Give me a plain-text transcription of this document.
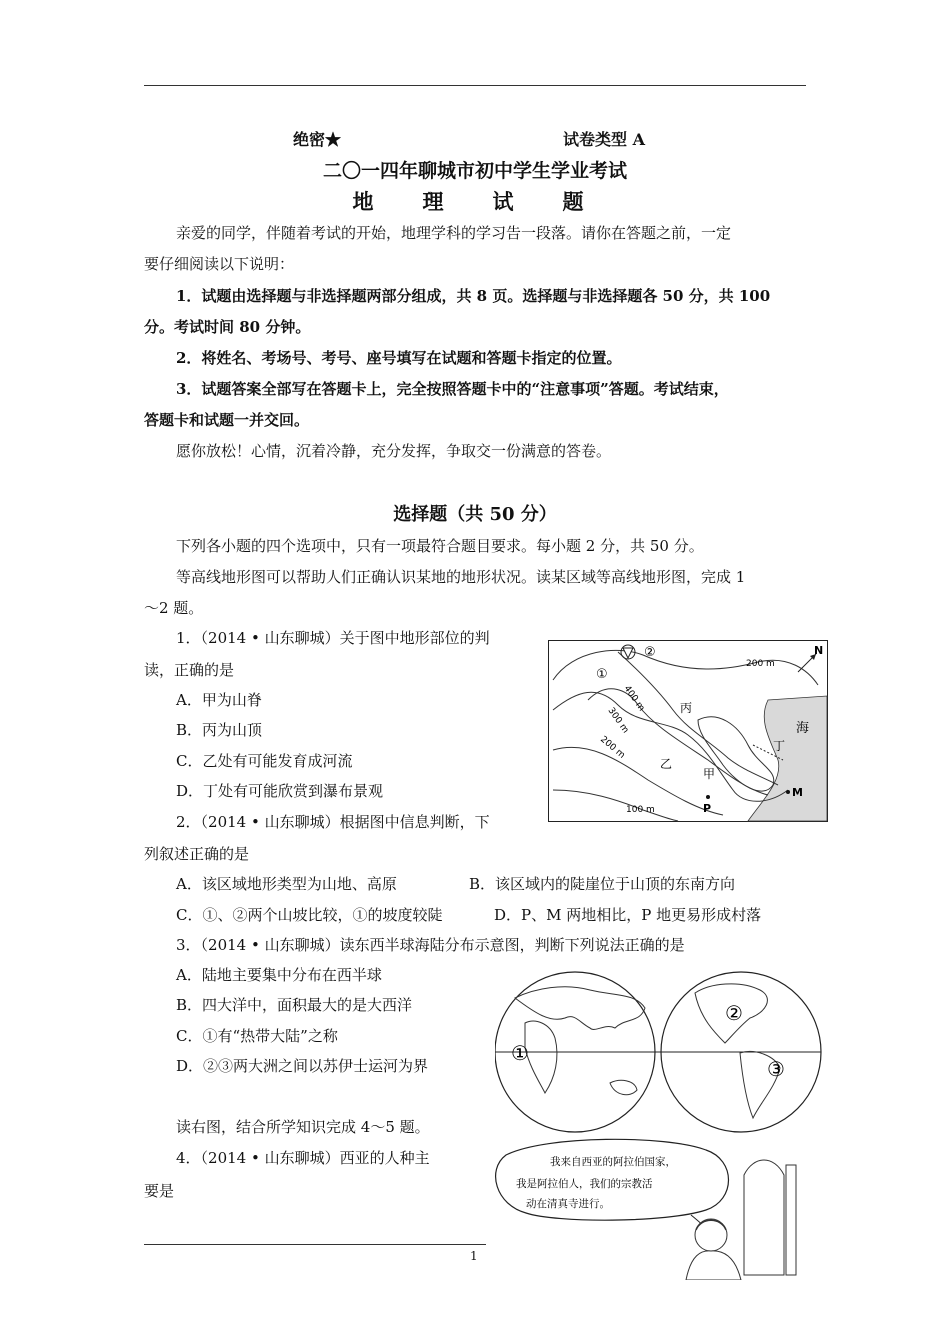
绝密★	试卷类型 A
二〇一四年聊城市初中学生学业考试
地　理　试　题
亲爱的同学，伴随着考试的开始，地理学科的学习告一段落。请你在答题之前，一定
要仔细阅读以下说明：
1．试题由选择题与非选择题两部分组成，共 8 页。选择题与非选择题各 50 分，共 100
分。考试时间 80 分钟。
2．将姓名、考场号、考号、座号填写在试题和答题卡指定的位置。
3．试题答案全部写在答题卡上，完全按照答题卡中的“注意事项”答题。考试结束，
答题卡和试题一并交回。
愿你放松！心情，沉着冷静，充分发挥，争取交一份满意的答卷。
选择题（共 50 分）
下列各小题的四个选项中，只有一项最符合题目要求。每小题 2 分，共 50 分。
等高线地形图可以帮助人们正确认识某地的地形状况。读某区域等高线地形图，完成 1
～2 题。
1．（2014 • 山东聊城）关于图中地形部位的判
读，正确的是
A．甲为山脊
B．丙为山顶
C．乙处有可能发育成河流
D．丁处有可能欣赏到瀑布景观
2．（2014 • 山东聊城）根据图中信息判断，下
列叙述正确的是
A．该区域地形类型为山地、高原	B．该区域内的陡崖位于山顶的东南方向
C．①、②两个山坡比较，①的坡度较陡	D．P、M 两地相比，P 地更易形成村落
3．（2014 • 山东聊城）读东西半球海陆分布示意图，判断下列说法正确的是
A．陆地主要集中分布在西半球
B．四大洋中，面积最大的是大西洋
C．①有“热带大陆”之称
D．②③两大洲之间以苏伊士运河为界
读右图，结合所学知识完成 4～5 题。
4．（2014 • 山东聊城）西亚的人种主
要是
200 m
400 m
300 m
200 m
100 m
N
海
丙
乙
甲
丁
P
M
①
②
①
②
③
我来自西亚的阿拉伯国家，
我是阿拉伯人，我们的宗教活
动在清真寺进行。
1
